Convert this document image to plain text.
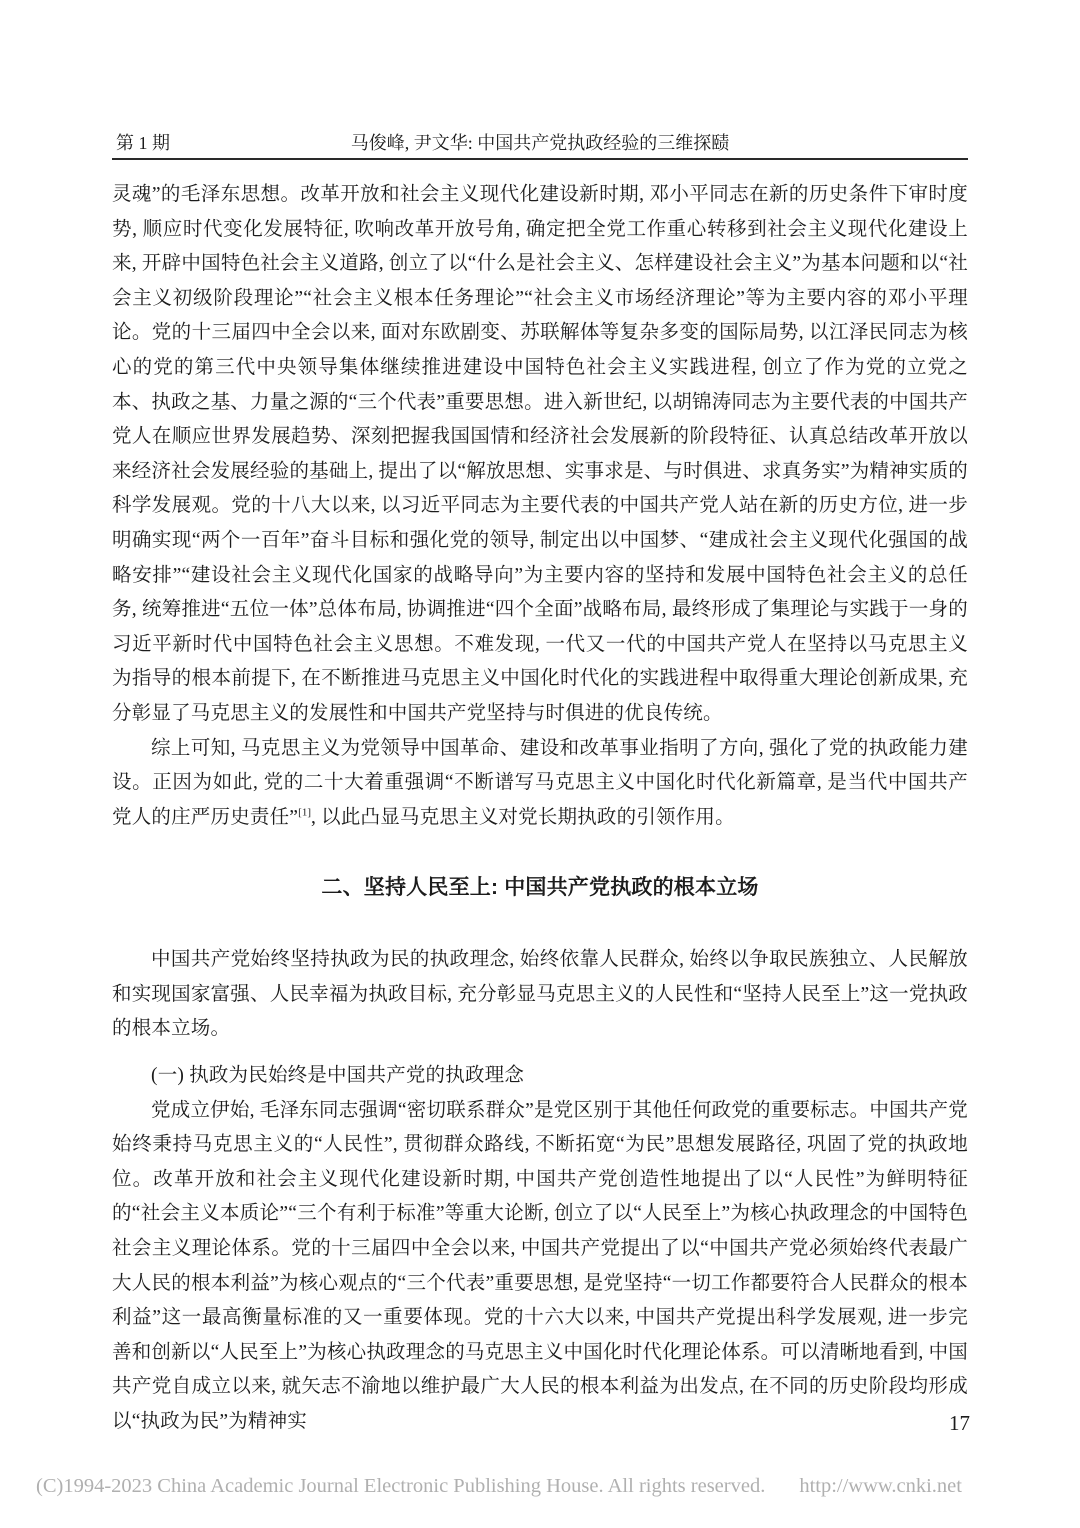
第 1 期	马俊峰, 尹文华: 中国共产党执政经验的三维探赜

灵魂”的毛泽东思想。改革开放和社会主义现代化建设新时期, 邓小平同志在新的历史条件下审时度势, 顺应时代变化发展特征, 吹响改革开放号角, 确定把全党工作重心转移到社会主义现代化建设上来, 开辟中国特色社会主义道路, 创立了以“什么是社会主义、怎样建设社会主义”为基本问题和以“社会主义初级阶段理论”“社会主义根本任务理论”“社会主义市场经济理论”等为主要内容的邓小平理论。党的十三届四中全会以来, 面对东欧剧变、苏联解体等复杂多变的国际局势, 以江泽民同志为核心的党的第三代中央领导集体继续推进建设中国特色社会主义实践进程, 创立了作为党的立党之本、执政之基、力量之源的“三个代表”重要思想。进入新世纪, 以胡锦涛同志为主要代表的中国共产党人在顺应世界发展趋势、深刻把握我国国情和经济社会发展新的阶段特征、认真总结改革开放以来经济社会发展经验的基础上, 提出了以“解放思想、实事求是、与时俱进、求真务实”为精神实质的科学发展观。党的十八大以来, 以习近平同志为主要代表的中国共产党人站在新的历史方位, 进一步明确实现“两个一百年”奋斗目标和强化党的领导, 制定出以中国梦、“建成社会主义现代化强国的战略安排”“建设社会主义现代化国家的战略导向”为主要内容的坚持和发展中国特色社会主义的总任务, 统筹推进“五位一体”总体布局, 协调推进“四个全面”战略布局, 最终形成了集理论与实践于一身的习近平新时代中国特色社会主义思想。不难发现, 一代又一代的中国共产党人在坚持以马克思主义为指导的根本前提下, 在不断推进马克思主义中国化时代化的实践进程中取得重大理论创新成果, 充分彰显了马克思主义的发展性和中国共产党坚持与时俱进的优良传统。

综上可知, 马克思主义为党领导中国革命、建设和改革事业指明了方向, 强化了党的执政能力建设。正因为如此, 党的二十大着重强调“不断谱写马克思主义中国化时代化新篇章, 是当代中国共产党人的庄严历史责任”[1], 以此凸显马克思主义对党长期执政的引领作用。

二、坚持人民至上: 中国共产党执政的根本立场

中国共产党始终坚持执政为民的执政理念, 始终依靠人民群众, 始终以争取民族独立、人民解放和实现国家富强、人民幸福为执政目标, 充分彰显马克思主义的人民性和“坚持人民至上”这一党执政的根本立场。

(一) 执政为民始终是中国共产党的执政理念

党成立伊始, 毛泽东同志强调“密切联系群众”是党区别于其他任何政党的重要标志。中国共产党始终秉持马克思主义的“人民性”, 贯彻群众路线, 不断拓宽“为民”思想发展路径, 巩固了党的执政地位。改革开放和社会主义现代化建设新时期, 中国共产党创造性地提出了以“人民性”为鲜明特征的“社会主义本质论”“三个有利于标准”等重大论断, 创立了以“人民至上”为核心执政理念的中国特色社会主义理论体系。党的十三届四中全会以来, 中国共产党提出了以“中国共产党必须始终代表最广大人民的根本利益”为核心观点的“三个代表”重要思想, 是党坚持“一切工作都要符合人民群众的根本利益”这一最高衡量标准的又一重要体现。党的十六大以来, 中国共产党提出科学发展观, 进一步完善和创新以“人民至上”为核心执政理念的马克思主义中国化时代化理论体系。可以清晰地看到, 中国共产党自成立以来, 就矢志不渝地以维护最广大人民的根本利益为出发点, 在不同的历史阶段均形成以“执政为民”为精神实	17
(C)1994-2023 China Academic Journal Electronic Publishing House. All rights reserved. http://www.cnki.net
